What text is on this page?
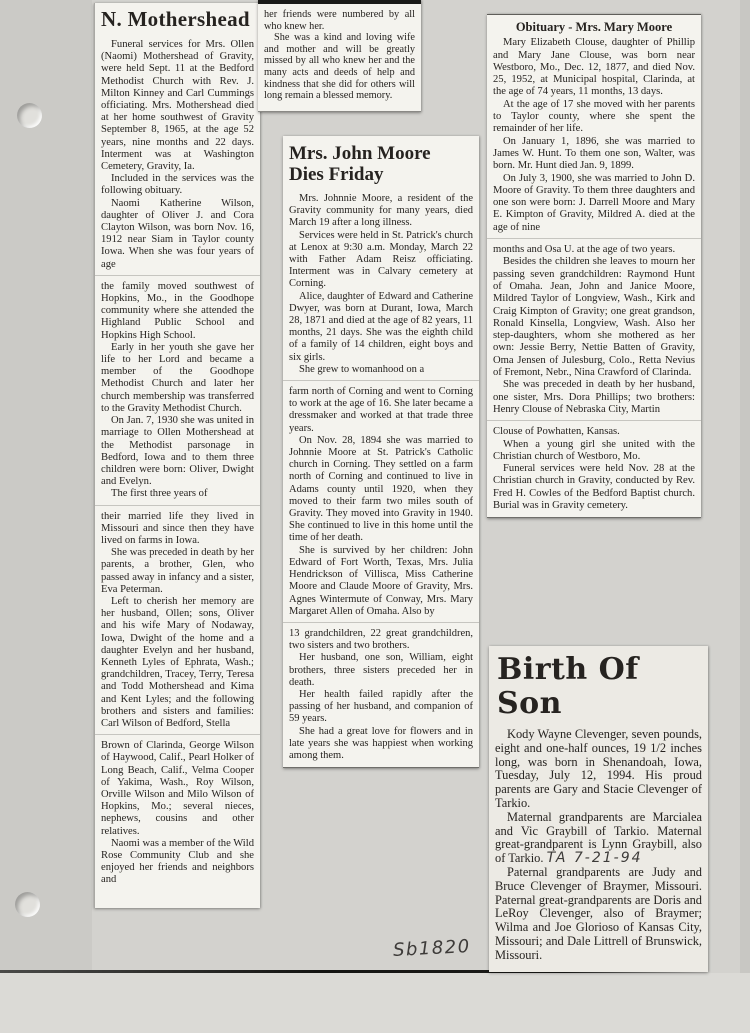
N. Mothershead

Funeral services for Mrs. Ollen (Naomi) Mothershead of Gravity, were held Sept. 11 at the Bedford Methodist Church with Rev. J. Milton Kinney and Carl Cummings officiating. Mrs. Mothershead died at her home southwest of Gravity September 8, 1965, at the age 52 years, nine months and 22 days. Interment was at Washington Cemetery, Gravity, Ia.

Included in the services was the following obituary.

Naomi Katherine Wilson, daughter of Oliver J. and Cora Clayton Wilson, was born Nov. 16, 1912 near Siam in Taylor county Iowa. When she was four years of age

the family moved southwest of Hopkins, Mo., in the Goodhope community where she attended the Highland Public School and Hopkins High School.

Early in her youth she gave her life to her Lord and became a member of the Goodhope Methodist Church and later her church membership was transferred to the Gravity Methodist Church.

On Jan. 7, 1930 she was united in marriage to Ollen Mothershead at the Methodist parsonage in Bedford, Iowa and to them three children were born: Oliver, Dwight and Evelyn.

The first three years of

their married life they lived in Missouri and since then they have lived on farms in Iowa.

She was preceded in death by her parents, a brother, Glen, who passed away in infancy and a sister, Eva Peterman.

Left to cherish her memory are her husband, Ollen; sons, Oliver and his wife Mary of Nodaway, Iowa, Dwight of the home and a daughter Evelyn and her husband, Kenneth Lyles of Ephrata, Wash.; grandchildren, Tracey, Terry, Teresa and Todd Mothershead and Kima and Kent Lyles; and the following brothers and sisters and families: Carl Wilson of Bedford, Stella

Brown of Clarinda, George Wilson of Haywood, Calif., Pearl Holker of Long Beach, Calif., Velma Cooper of Yakima, Wash., Roy Wilson, Orville Wilson and Milo Wilson of Hopkins, Mo.; several nieces, nephews, cousins and other relatives.

Naomi was a member of the Wild Rose Community Club and she enjoyed her friends and neighbors and

her friends were numbered by all who knew her.

She was a kind and loving wife and mother and will be greatly missed by all who knew her and the many acts and deeds of help and kindness that she did for others will long remain a blessed memory.

Mrs. John Moore
Dies Friday

Mrs. Johnnie Moore, a resident of the Gravity community for many years, died March 19 after a long illness.

Services were held in St. Patrick's church at Lenox at 9:30 a.m. Monday, March 22 with Father Adam Reisz officiating. Interment was in Calvary cemetery at Corning.

Alice, daughter of Edward and Catherine Dwyer, was born at Durant, Iowa, March 28, 1871 and died at the age of 82 years, 11 months, 21 days. She was the eighth child of a family of 14 children, eight boys and six girls.

She grew to womanhood on a

farm north of Corning and went to Corning to work at the age of 16. She later became a dressmaker and worked at that trade three years.

On Nov. 28, 1894 she was married to Johnnie Moore at St. Patrick's Catholic church in Corning. They settled on a farm north of Corning and continued to live in Adams county until 1920, when they moved to their farm two miles south of Gravity. They moved into Gravity in 1940. She continued to live in this home until the time of her death.

She is survived by her children: John Edward of Fort Worth, Texas, Mrs. Julia Hendrickson of Villisca, Miss Catherine Moore and Claude Moore of Gravity, Mrs. Agnes Wintermute of Conway, Mrs. Mary Margaret Allen of Omaha. Also by

13 grandchildren, 22 great grandchildren, two sisters and two brothers.

Her husband, one son, William, eight brothers, three sisters preceded her in death.

Her health failed rapidly after the passing of her husband, and companion of 59 years.

She had a great love for flowers and in late years she was happiest when working among them.

Obituary - Mrs. Mary Moore

Mary Elizabeth Clouse, daughter of Phillip and Mary Jane Clouse, was born near Westboro, Mo., Dec. 12, 1877, and died Nov. 25, 1952, at Municipal hospital, Clarinda, at the age of 74 years, 11 months, 13 days.

At the age of 17 she moved with her parents to Taylor county, where she spent the remainder of her life.

On January 1, 1896, she was married to James W. Hunt. To them one son, Walter, was born. Mr. Hunt died Jan. 9, 1899.

On July 3, 1900, she was married to John D. Moore of Gravity. To them three daughters and one son were born: J. Darrell Moore and Mary E. Kimpton of Gravity, Mildred A. died at the age of nine

months and Osa U. at the age of two years.

Besides the children she leaves to mourn her passing seven grandchildren: Raymond Hunt of Omaha. Jean, John and Janice Moore, Mildred Taylor of Longview, Wash., Kirk and Craig Kimpton of Gravity; one great grandson, Ronald Kinsella, Longview, Wash. Also her step-daughters, whom she mothered as her own: Jessie Berry, Nettie Batten of Gravity, Oma Jensen of Julesburg, Colo., Retta Nevius of Fremont, Nebr., Nina Crawford of Clarinda.

She was preceded in death by her husband, one sister, Mrs. Dora Phillips; two brothers: Henry Clouse of Nebraska City, Martin

Clouse of Powhatten, Kansas.

When a young girl she united with the Christian church of Westboro, Mo.

Funeral services were held Nov. 28 at the Christian church in Gravity, conducted by Rev. Fred H. Cowles of the Bedford Baptist church. Burial was in Gravity cemetery.

Birth Of Son

Kody Wayne Clevenger, seven pounds, eight and one-half ounces, 19 1/2 inches long, was born in Shenandoah, Iowa, Tuesday, July 12, 1994. His proud parents are Gary and Stacie Clevenger of Tarkio.

Maternal grandparents are Marcialea and Vic Graybill of Tarkio. Maternal great-grandparent is Lynn Graybill, also of Tarkio. TA 7-21-94

Paternal grandparents are Judy and Bruce Clevenger of Braymer, Missouri. Paternal great-grandparents are Doris and LeRoy Clevenger, also of Braymer; Wilma and Joe Glorioso of Kansas City, Missouri; and Dale Littrell of Brunswick, Missouri.

Sb1820
